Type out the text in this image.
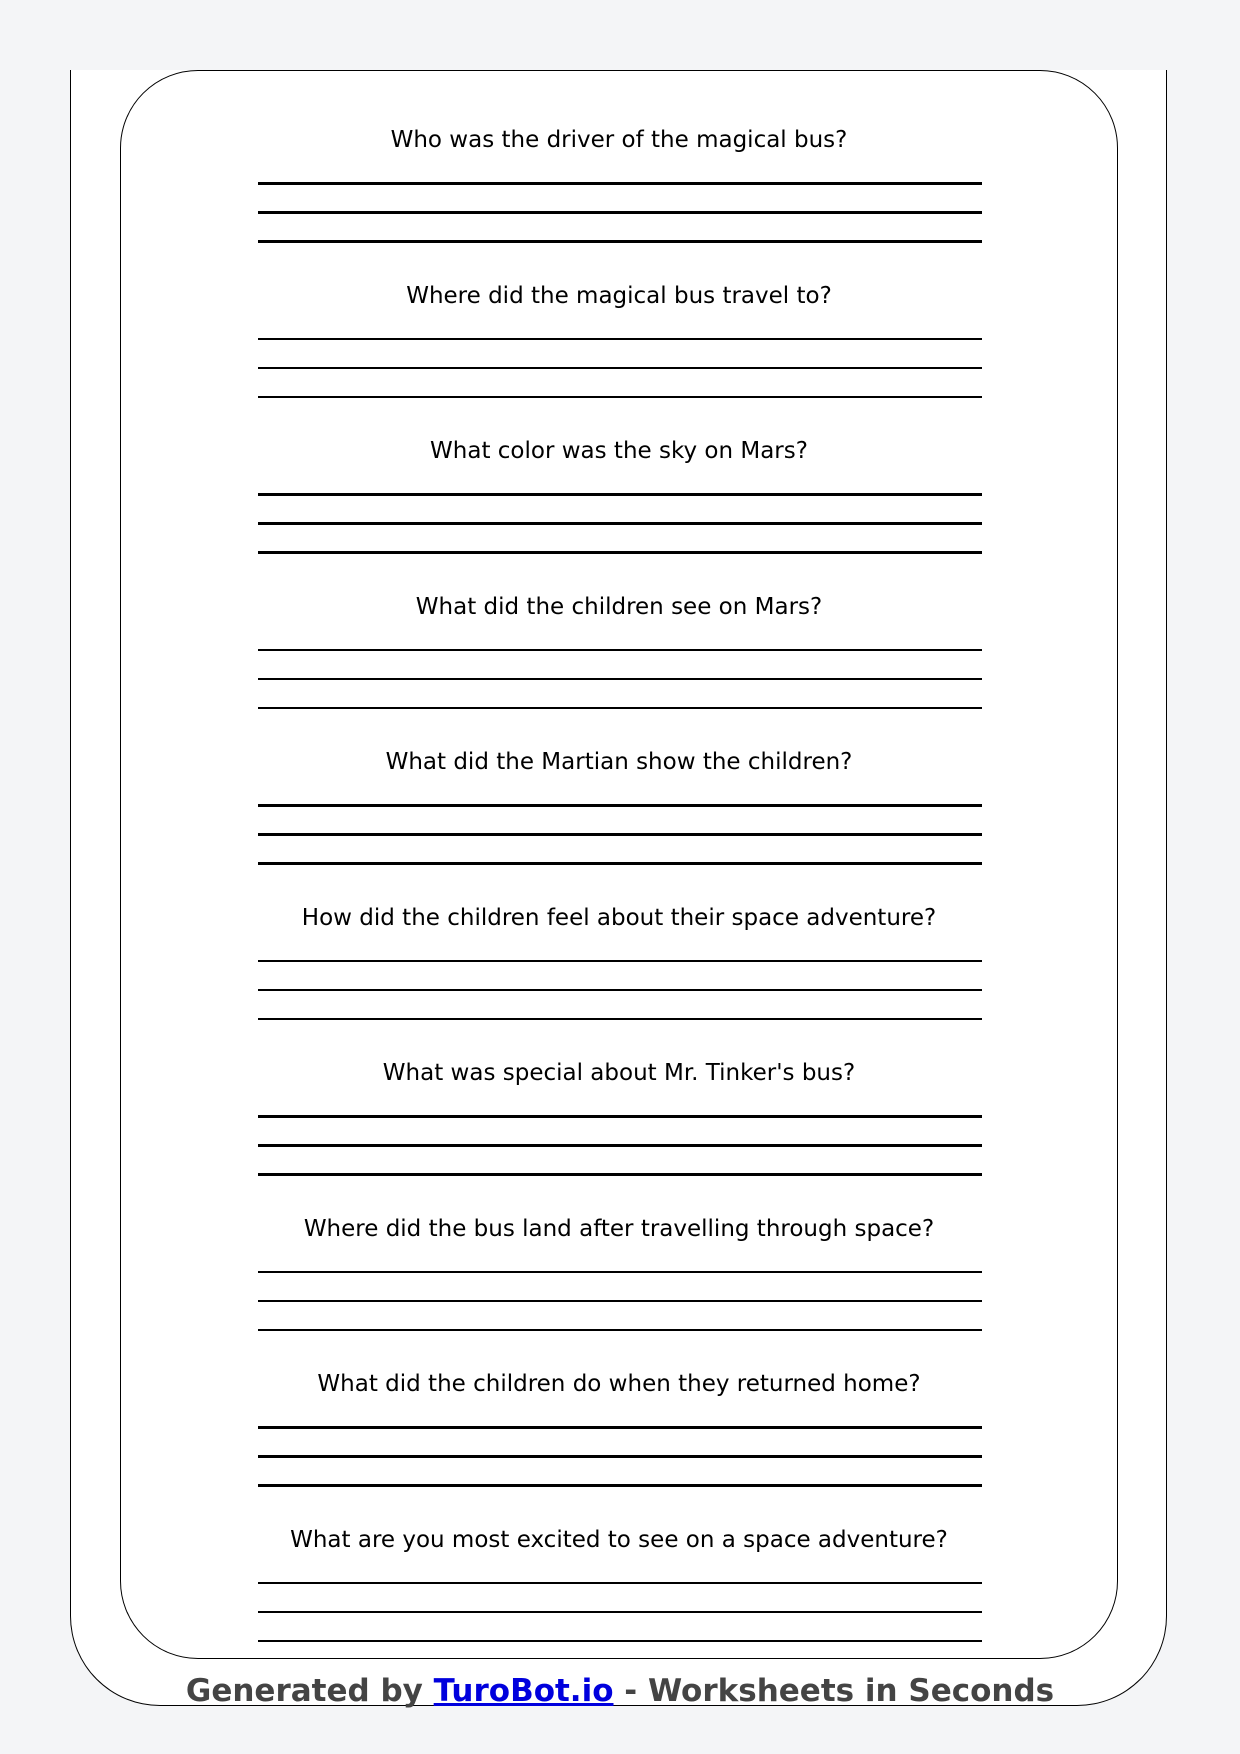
Who was the driver of the magical bus?
Where did the magical bus travel to?
What color was the sky on Mars?
What did the children see on Mars?
What did the Martian show the children?
How did the children feel about their space adventure?
What was special about Mr. Tinker's bus?
Where did the bus land after travelling through space?
What did the children do when they returned home?
What are you most excited to see on a space adventure?
Generated by TuroBot.io - Worksheets in Seconds
